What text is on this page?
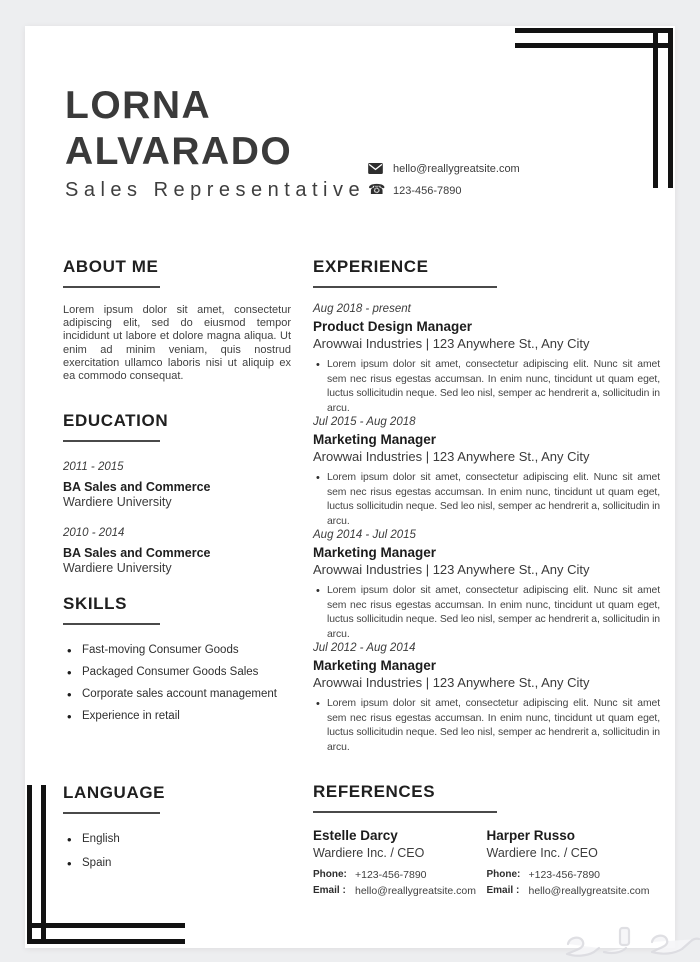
LORNA
ALVARADO
Sales Representative
hello@reallygreatsite.com
☎ 123-456-7890
ABOUT ME

Lorem ipsum dolor sit amet, consectetur adipiscing elit, sed do eiusmod tempor incididunt ut labore et dolore magna aliqua. Ut enim ad minim veniam, quis nostrud exercitation ullamco laboris nisi ut aliquip ex ea commodo consequat.

EDUCATION
2011 - 2015
BA Sales and Commerce
Wardiere University
2010 - 2014
BA Sales and Commerce
Wardiere University
SKILLS
• Fast-moving Consumer Goods
• Packaged Consumer Goods Sales
• Corporate sales account management
• Experience in retail
LANGUAGE
• English
• Spain
EXPERIENCE
Aug 2018 - present
Product Design Manager
Arowwai Industries | 123 Anywhere St., Any City
• Lorem ipsum dolor sit amet, consectetur adipiscing elit. Nunc sit amet sem nec risus egestas accumsan. In enim nunc, tincidunt ut quam eget, luctus sollicitudin neque. Sed leo nisl, semper ac hendrerit a, sollicitudin in arcu.

Jul 2015 - Aug 2018
Marketing Manager
Arowwai Industries | 123 Anywhere St., Any City
• Lorem ipsum dolor sit amet, consectetur adipiscing elit. Nunc sit amet sem nec risus egestas accumsan. In enim nunc, tincidunt ut quam eget, luctus sollicitudin neque. Sed leo nisl, semper ac hendrerit a, sollicitudin in arcu.

Aug 2014 - Jul 2015
Marketing Manager
Arowwai Industries | 123 Anywhere St., Any City
• Lorem ipsum dolor sit amet, consectetur adipiscing elit. Nunc sit amet sem nec risus egestas accumsan. In enim nunc, tincidunt ut quam eget, luctus sollicitudin neque. Sed leo nisl, semper ac hendrerit a, sollicitudin in arcu.

Jul 2012 - Aug 2014
Marketing Manager
Arowwai Industries | 123 Anywhere St., Any City
• Lorem ipsum dolor sit amet, consectetur adipiscing elit. Nunc sit amet sem nec risus egestas accumsan. In enim nunc, tincidunt ut quam eget, luctus sollicitudin neque. Sed leo nisl, semper ac hendrerit a, sollicitudin in arcu.

REFERENCES
Estelle Darcy
Wardiere Inc. / CEO
Phone: +123-456-7890
Email : hello@reallygreatsite.com
Harper Russo
Wardiere Inc. / CEO
Phone: +123-456-7890
Email : hello@reallygreatsite.com
